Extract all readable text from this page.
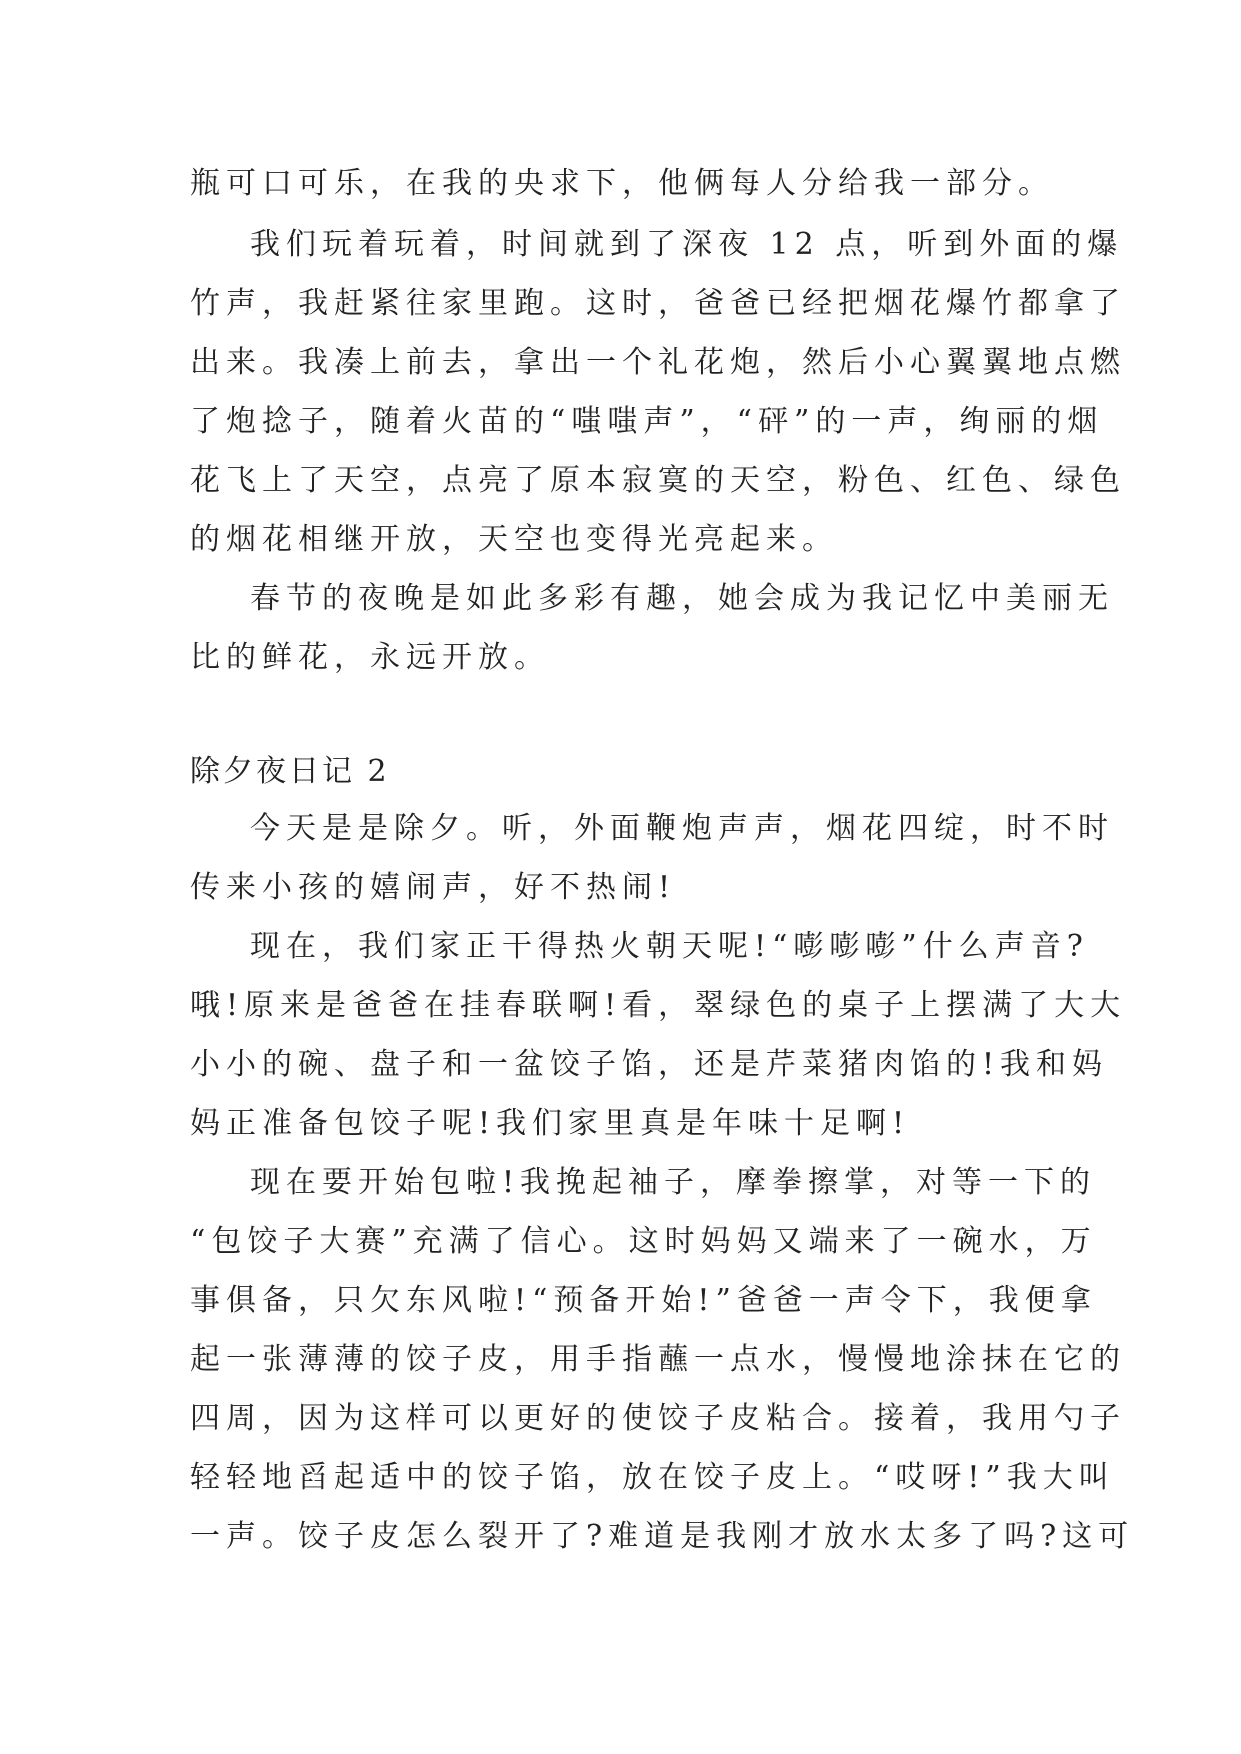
瓶可口可乐，在我的央求下，他俩每人分给我一部分。
我们玩着玩着，时间就到了深夜 12 点，听到外面的爆
竹声，我赶紧往家里跑。这时，爸爸已经把烟花爆竹都拿了
出来。我凑上前去，拿出一个礼花炮，然后小心翼翼地点燃
了炮捻子，随着火苗的“嗤嗤声”，“砰”的一声，绚丽的烟
花飞上了天空，点亮了原本寂寞的天空，粉色、红色、绿色
的烟花相继开放，天空也变得光亮起来。
春节的夜晚是如此多彩有趣，她会成为我记忆中美丽无
比的鲜花，永远开放。
除夕夜日记 2
今天是是除夕。听，外面鞭炮声声，烟花四绽，时不时
传来小孩的嬉闹声，好不热闹!
现在，我们家正干得热火朝天呢!“嘭嘭嘭”什么声音?
哦!原来是爸爸在挂春联啊!看，翠绿色的桌子上摆满了大大
小小的碗、盘子和一盆饺子馅，还是芹菜猪肉馅的!我和妈
妈正准备包饺子呢!我们家里真是年味十足啊!
现在要开始包啦!我挽起袖子，摩拳擦掌，对等一下的
“包饺子大赛”充满了信心。这时妈妈又端来了一碗水，万
事俱备，只欠东风啦!“预备开始!”爸爸一声令下，我便拿
起一张薄薄的饺子皮，用手指蘸一点水，慢慢地涂抹在它的
四周，因为这样可以更好的使饺子皮粘合。接着，我用勺子
轻轻地舀起适中的饺子馅，放在饺子皮上。“哎呀!”我大叫
一声。饺子皮怎么裂开了?难道是我刚才放水太多了吗?这可
